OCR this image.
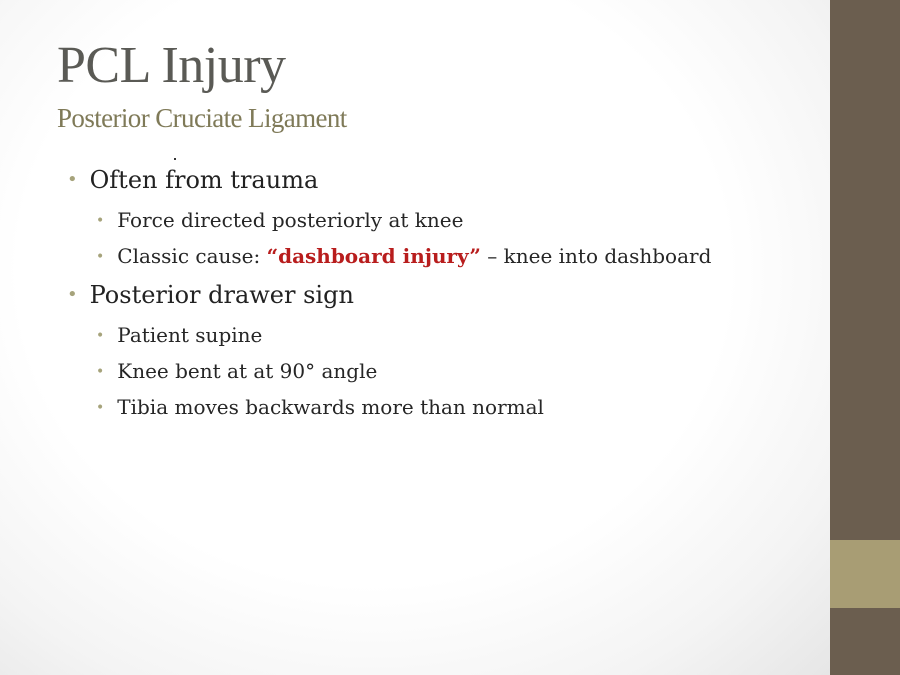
PCL Injury
Posterior Cruciate Ligament
• Often from trauma
• Force directed posteriorly at knee
• Classic cause: “dashboard injury” – knee into dashboard
• Posterior drawer sign
• Patient supine
• Knee bent at at 90° angle
• Tibia moves backwards more than normal
